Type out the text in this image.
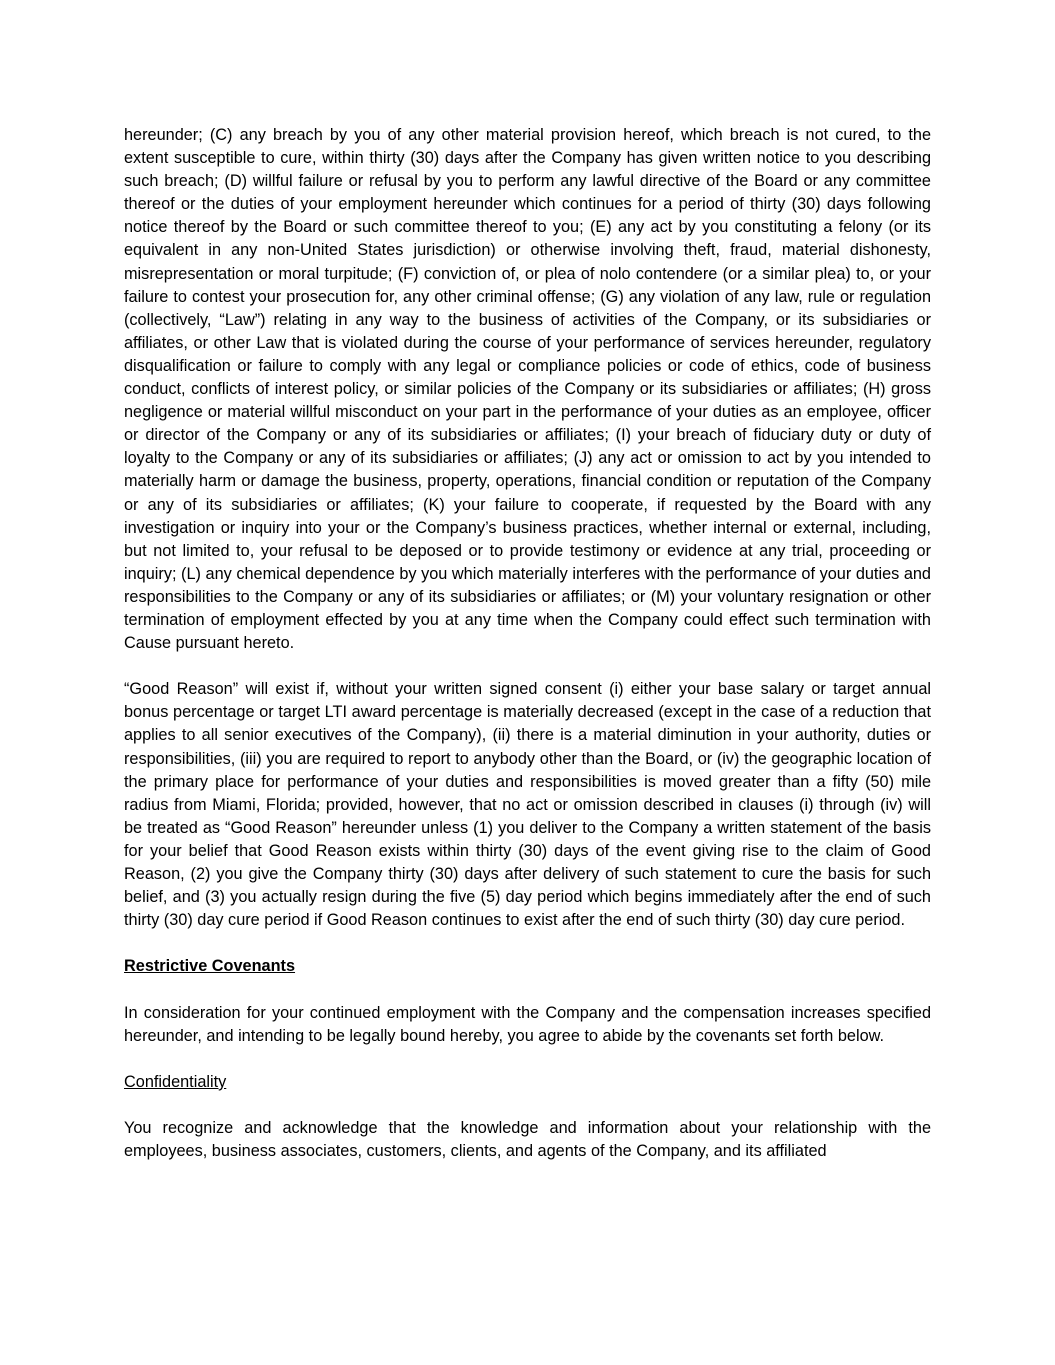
hereunder; (C) any breach by you of any other material provision hereof, which breach is not cured, to the extent susceptible to cure, within thirty (30) days after the Company has given written notice to you describing such breach; (D) willful failure or refusal by you to perform any lawful directive of the Board or any committee thereof or the duties of your employment hereunder which continues for a period of thirty (30) days following notice thereof by the Board or such committee thereof to you; (E) any act by you constituting a felony (or its equivalent in any non-United States jurisdiction) or otherwise involving theft, fraud, material dishonesty, misrepresentation or moral turpitude; (F) conviction of, or plea of nolo contendere (or a similar plea) to, or your failure to contest your prosecution for, any other criminal offense; (G) any violation of any law, rule or regulation (collectively, “Law”) relating in any way to the business of activities of the Company, or its subsidiaries or affiliates, or other Law that is violated during the course of your performance of services hereunder, regulatory disqualification or failure to comply with any legal or compliance policies or code of ethics, code of business conduct, conflicts of interest policy, or similar policies of the Company or its subsidiaries or affiliates; (H) gross negligence or material willful misconduct on your part in the performance of your duties as an employee, officer or director of the Company or any of its subsidiaries or affiliates; (I) your breach of fiduciary duty or duty of loyalty to the Company or any of its subsidiaries or affiliates; (J) any act or omission to act by you intended to materially harm or damage the business, property, operations, financial condition or reputation of the Company or any of its subsidiaries or affiliates; (K) your failure to cooperate, if requested by the Board with any investigation or inquiry into your or the Company’s business practices, whether internal or external, including, but not limited to, your refusal to be deposed or to provide testimony or evidence at any trial, proceeding or inquiry; (L) any chemical dependence by you which materially interferes with the performance of your duties and responsibilities to the Company or any of its subsidiaries or affiliates; or (M) your voluntary resignation or other termination of employment effected by you at any time when the Company could effect such termination with Cause pursuant hereto.

“Good Reason” will exist if, without your written signed consent (i) either your base salary or target annual bonus percentage or target LTI award percentage is materially decreased (except in the case of a reduction that applies to all senior executives of the Company), (ii) there is a material diminution in your authority, duties or responsibilities, (iii) you are required to report to anybody other than the Board, or (iv) the geographic location of the primary place for performance of your duties and responsibilities is moved greater than a fifty (50) mile radius from Miami, Florida; provided, however, that no act or omission described in clauses (i) through (iv) will be treated as “Good Reason” hereunder unless (1) you deliver to the Company a written statement of the basis for your belief that Good Reason exists within thirty (30) days of the event giving rise to the claim of Good Reason, (2) you give the Company thirty (30) days after delivery of such statement to cure the basis for such belief, and (3) you actually resign during the five (5) day period which begins immediately after the end of such thirty (30) day cure period if Good Reason continues to exist after the end of such thirty (30) day cure period.

Restrictive Covenants

In consideration for your continued employment with the Company and the compensation increases specified hereunder, and intending to be legally bound hereby, you agree to abide by the covenants set forth below.

Confidentiality

You recognize and acknowledge that the knowledge and information about your relationship with the employees, business associates, customers, clients, and agents of the Company, and its affiliated
